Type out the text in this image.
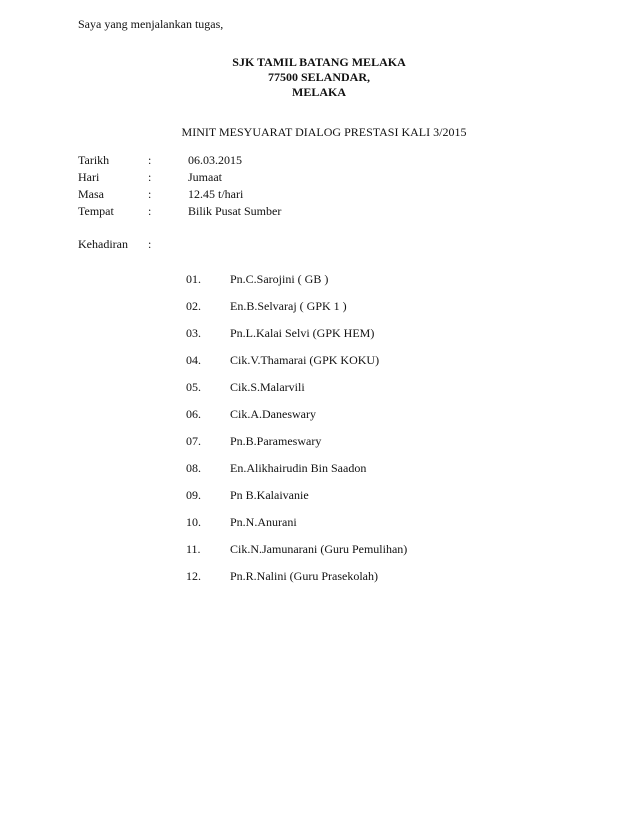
Saya yang menjalankan tugas,
SJK TAMIL BATANG MELAKA
77500 SELANDAR,
MELAKA
MINIT MESYUARAT DIALOG PRESTASI KALI 3/2015
Tarikh	:	06.03.2015
Hari	:	Jumaat
Masa	:	12.45 t/hari
Tempat	:	Bilik Pusat Sumber
Kehadiran :
01. Pn.C.Sarojini ( GB )
02. En.B.Selvaraj ( GPK 1 )
03. Pn.L.Kalai Selvi (GPK HEM)
04. Cik.V.Thamarai (GPK KOKU)
05. Cik.S.Malarvili
06. Cik.A.Daneswary
07. Pn.B.Parameswary
08. En.Alikhairudin Bin Saadon
09. Pn B.Kalaivanie
10. Pn.N.Anurani
11. Cik.N.Jamunarani (Guru Pemulihan)
12. Pn.R.Nalini (Guru Prasekolah)
